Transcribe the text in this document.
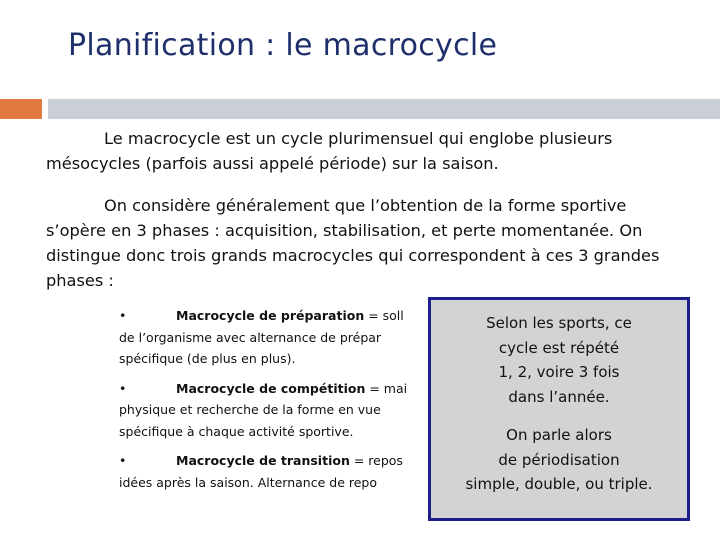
Planification : le macrocycle
Le macrocycle est un cycle plurimensuel qui englobe plusieurs mésocycles (parfois aussi appelé période) sur la saison.
On considère généralement que l’obtention de la forme sportive s’opère en 3 phases : acquisition, stabilisation, et perte momentanée. On distingue donc trois grands macrocycles qui correspondent à ces 3 grandes phases :
•	Macrocycle de préparation = soll
de l’organisme avec alternance de prépar
spécifique (de plus en plus).
•	Macrocycle de compétition = mai
physique et recherche de la forme en vue
spécifique à chaque activité sportive.
•	Macrocycle de transition = repos
idées après la saison. Alternance de repo
Selon les sports, ce
cycle est répété
1, 2, voire 3 fois
dans l’année.
On parle alors
de périodisation
simple, double, ou triple.
